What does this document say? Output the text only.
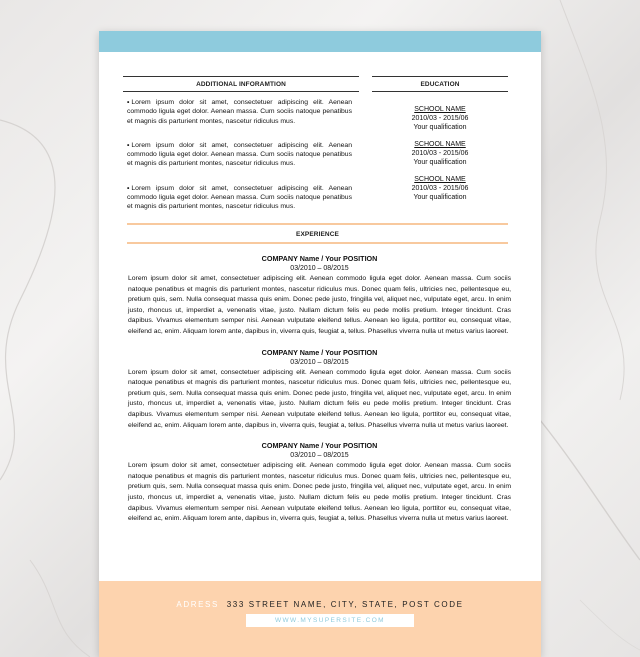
ADDITIONAL INFORAMTION	EDUCATION
• Lorem ipsum dolor sit amet, consectetuer adipiscing elit. Aenean commodo ligula eget dolor. Aenean massa. Cum sociis natoque penatibus et magnis dis parturient montes, nascetur ridiculus mus.
• Lorem ipsum dolor sit amet, consectetuer adipiscing elit. Aenean commodo ligula eget dolor. Aenean massa. Cum sociis natoque penatibus et magnis dis parturient montes, nascetur ridiculus mus.
• Lorem ipsum dolor sit amet, consectetuer adipiscing elit. Aenean commodo ligula eget dolor. Aenean massa. Cum sociis natoque penatibus et magnis dis parturient montes, nascetur ridiculus mus.
SCHOOL NAME
2010/03 - 2015/06
Your qualification
SCHOOL NAME
2010/03 - 2015/06
Your qualification
SCHOOL NAME
2010/03 - 2015/06
Your qualification
EXPERIENCE
COMPANY Name / Your POSITION
03/2010 – 08/2015
Lorem ipsum dolor sit amet, consectetuer adipiscing elit. Aenean commodo ligula eget dolor. Aenean massa. Cum sociis natoque penatibus et magnis dis parturient montes, nascetur ridiculus mus. Donec quam felis, ultricies nec, pellentesque eu, pretium quis, sem. Nulla consequat massa quis enim. Donec pede justo, fringilla vel, aliquet nec, vulputate eget, arcu. In enim justo, rhoncus ut, imperdiet a, venenatis vitae, justo. Nullam dictum felis eu pede mollis pretium. Integer tincidunt. Cras dapibus. Vivamus elementum semper nisi. Aenean vulputate eleifend tellus. Aenean leo ligula, porttitor eu, consequat vitae, eleifend ac, enim. Aliquam lorem ante, dapibus in, viverra quis, feugiat a, tellus. Phasellus viverra nulla ut metus varius laoreet.
COMPANY Name / Your POSITION
03/2010 – 08/2015
Lorem ipsum dolor sit amet, consectetuer adipiscing elit. Aenean commodo ligula eget dolor. Aenean massa. Cum sociis natoque penatibus et magnis dis parturient montes, nascetur ridiculus mus. Donec quam felis, ultricies nec, pellentesque eu, pretium quis, sem. Nulla consequat massa quis enim. Donec pede justo, fringilla vel, aliquet nec, vulputate eget, arcu. In enim justo, rhoncus ut, imperdiet a, venenatis vitae, justo. Nullam dictum felis eu pede mollis pretium. Integer tincidunt. Cras dapibus. Vivamus elementum semper nisi. Aenean vulputate eleifend tellus. Aenean leo ligula, porttitor eu, consequat vitae, eleifend ac, enim. Aliquam lorem ante, dapibus in, viverra quis, feugiat a, tellus. Phasellus viverra nulla ut metus varius laoreet.
COMPANY Name / Your POSITION
03/2010 – 08/2015
Lorem ipsum dolor sit amet, consectetuer adipiscing elit. Aenean commodo ligula eget dolor. Aenean massa. Cum sociis natoque penatibus et magnis dis parturient montes, nascetur ridiculus mus. Donec quam felis, ultricies nec, pellentesque eu, pretium quis, sem. Nulla consequat massa quis enim. Donec pede justo, fringilla vel, aliquet nec, vulputate eget, arcu. In enim justo, rhoncus ut, imperdiet a, venenatis vitae, justo. Nullam dictum felis eu pede mollis pretium. Integer tincidunt. Cras dapibus. Vivamus elementum semper nisi. Aenean vulputate eleifend tellus. Aenean leo ligula, porttitor eu, consequat vitae, eleifend ac, enim. Aliquam lorem ante, dapibus in, viverra quis, feugiat a, tellus. Phasellus viverra nulla ut metus varius laoreet.
ADRESS 333 STREET NAME, CITY, STATE, POST CODE
WWW.MYSUPERSITE.COM
